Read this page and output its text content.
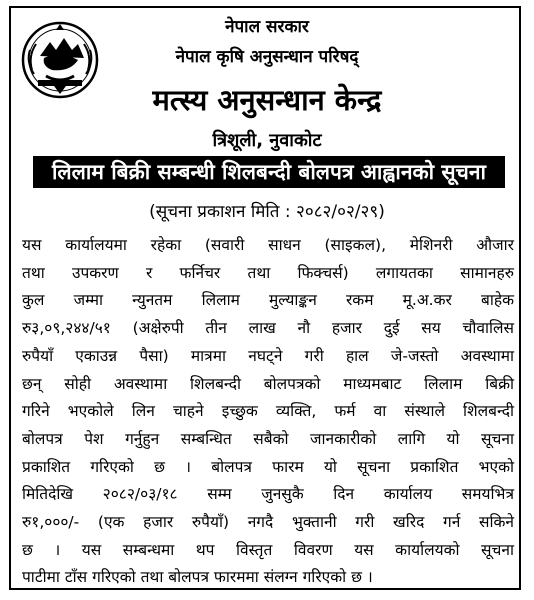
नेपाल सरकार
नेपाल कृषि अनुसन्धान परिषद्
मत्स्य अनुसन्धान केन्द्र
त्रिशूली, नुवाकोट
लिलाम बिक्री सम्बन्धी शिलबन्दी बोलपत्र आह्वानको सूचना
(सूचना प्रकाशन मिति : २०८२/०२/२९)
यस कार्यालयमा रहेका (सवारी साधन (साइकल), मेशिनरी औजार
तथा उपकरण र फर्निचर तथा फिक्चर्स) लगायतका सामानहरु
कुल जम्मा न्युनतम लिलाम मुल्याङ्कन रकम मू.अ.कर बाहेक
रु३,०९,२४४/५१ (अक्षेरुपी तीन लाख नौ हजार दुई सय चौवालिस
रुपैयाँ एकाउन्न पैसा) मात्रमा नघट्ने गरी हाल जे-जस्तो अवस्थामा
छन् सोही अवस्थामा शिलबन्दी बोलपत्रको माध्यमबाट लिलाम बिक्री
गरिने भएकोले लिन चाहने इच्छुक व्यक्ति, फर्म वा संस्थाले शिलबन्दी
बोलपत्र पेश गर्नुहुन सम्बन्धित सबैको जानकारीको लागि यो सूचना
प्रकाशित गरिएको छ । बोलपत्र फारम यो सूचना प्रकाशित भएको
मितिदेखि २०८२/०३/१८ सम्म जुनसुकै दिन कार्यालय समयभित्र
रु१,०००/- (एक हजार रुपैयाँ) नगदै भुक्तानी गरी खरिद गर्न सकिने
छ । यस सम्बन्धमा थप विस्तृत विवरण यस कार्यालयको सूचना
पाटीमा टाँस गरिएको तथा बोलपत्र फारममा संलग्न गरिएको छ ।
